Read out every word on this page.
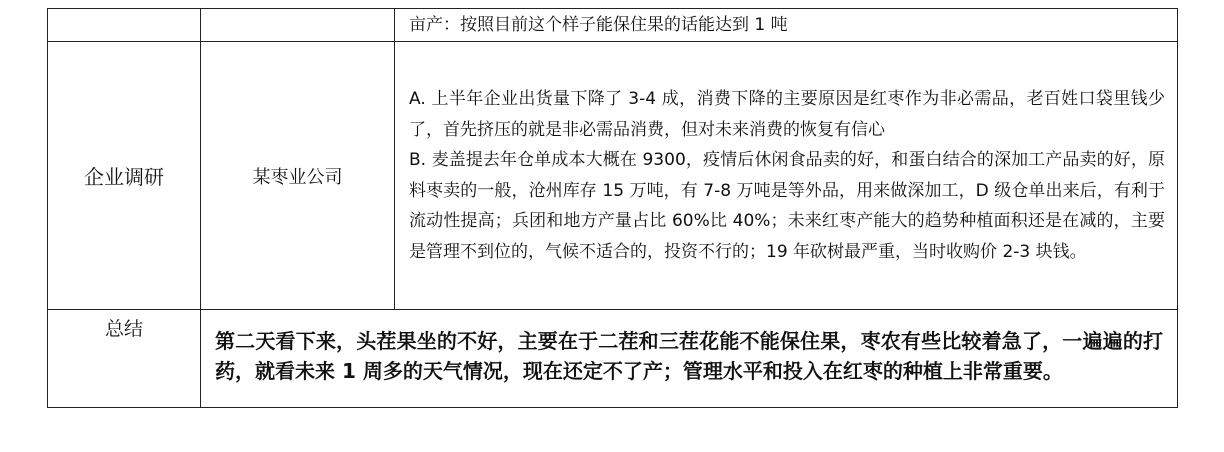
		亩产：按照目前这个样子能保住果的话能达到 1 吨

企业调研	某枣业公司	A. 上半年企业出货量下降了 3-4 成，消费下降的主要原因是红枣作为非必需品，老百姓口袋里钱少了，首先挤压的就是非必需品消费，但对未来消费的恢复有信心
B. 麦盖提去年仓单成本大概在 9300，疫情后休闲食品卖的好，和蛋白结合的深加工产品卖的好，原料枣卖的一般，沧州库存 15 万吨，有 7-8 万吨是等外品，用来做深加工，D 级仓单出来后，有利于流动性提高；兵团和地方产量占比 60%比 40%；未来红枣产能大的趋势种植面积还是在减的，主要是管理不到位的，气候不适合的，投资不行的；19 年砍树最严重，当时收购价 2-3 块钱。

总结	第二天看下来，头茬果坐的不好，主要在于二茬和三茬花能不能保住果，枣农有些比较着急了，一遍遍的打药，就看未来 1 周多的天气情况，现在还定不了产；管理水平和投入在红枣的种植上非常重要。	
